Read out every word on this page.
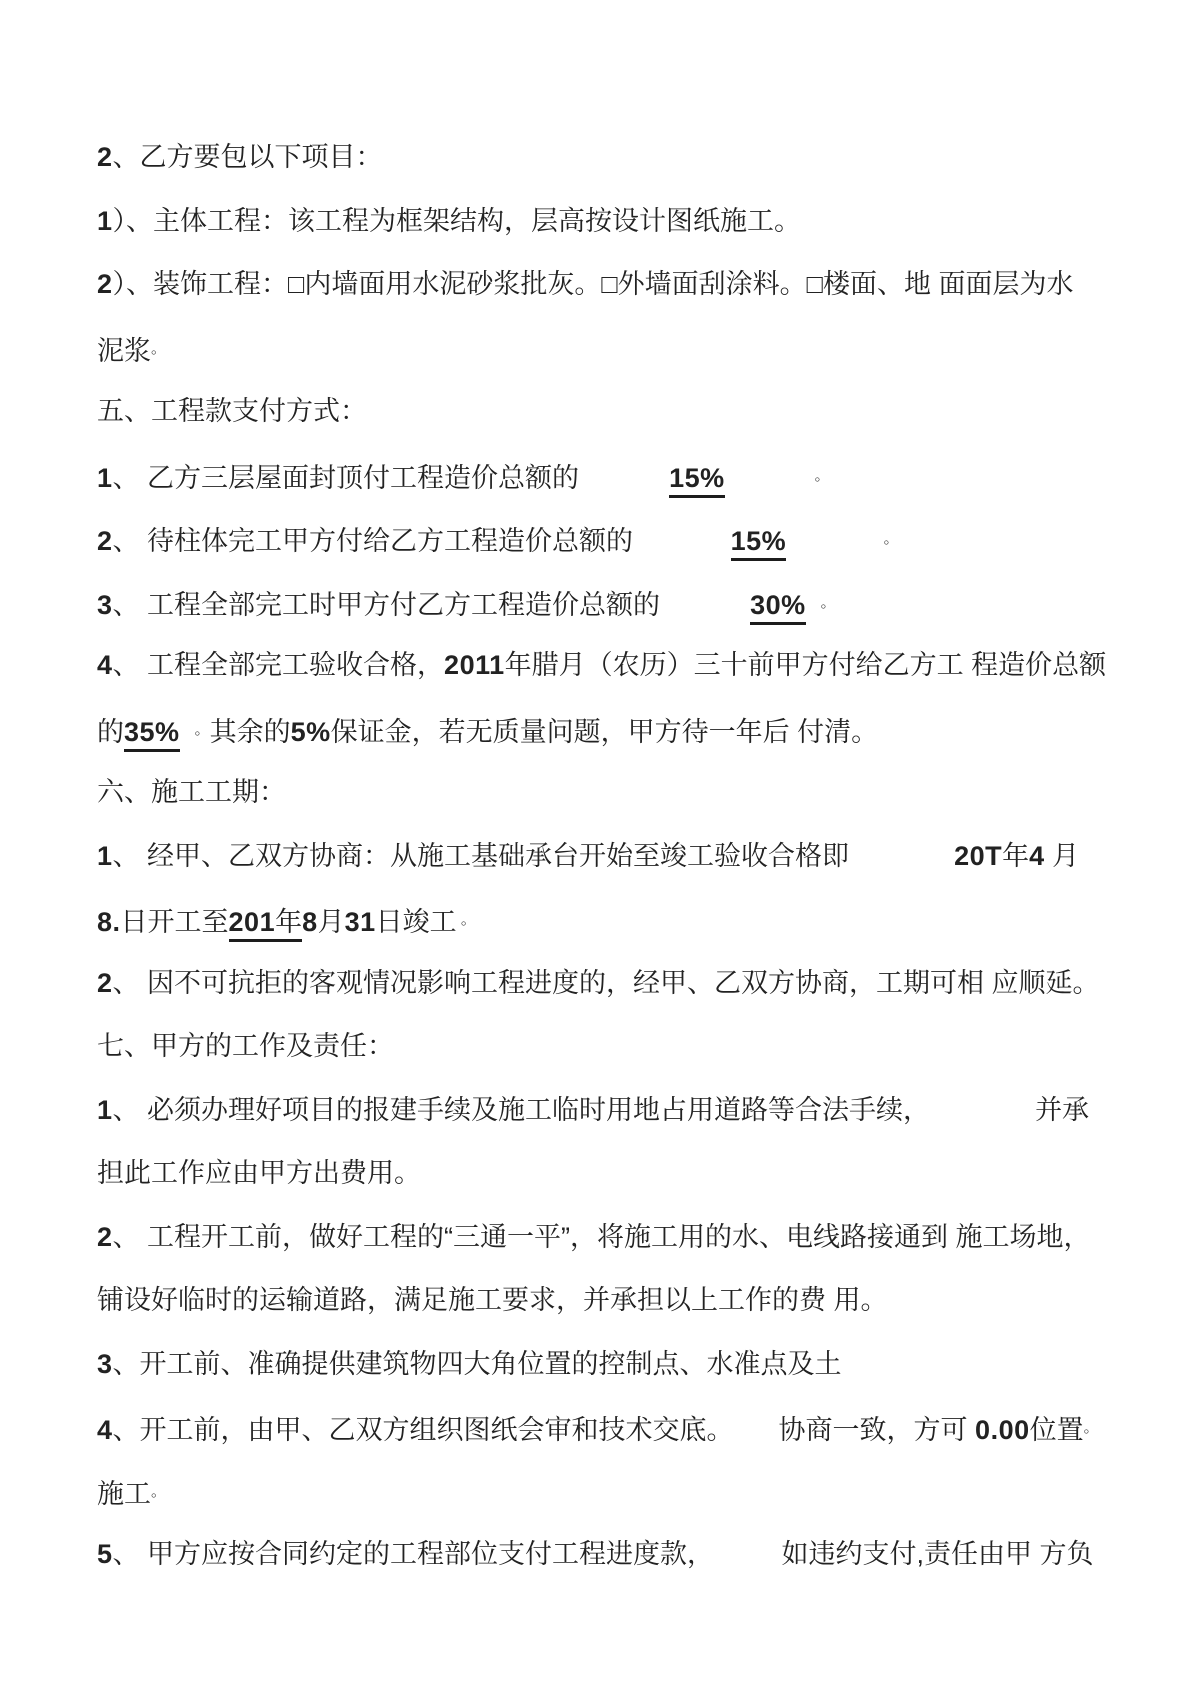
2、乙方要包以下项目：
1）、主体工程：该工程为框架结构，层高按设计图纸施工。
2）、装饰工程：□内墙面用水泥砂浆批灰。□外墙面刮涂料。□楼面、地 面面层为水
泥浆。
五、工程款支付方式：
1、 乙方三层屋面封顶付工程造价总额的            15%	。
2、 待柱体完工甲方付给乙方工程造价总额的             15%	。
3、 工程全部完工时甲方付乙方工程造价总额的            30% 。
4、 工程全部完工验收合格，2011年腊月（农历）三十前甲方付给乙方工 程造价总额
的35% 。其余的5%保证金，若无质量问题，甲方待一年后 付清。
六、施工工期：
1、 经甲、乙双方协商：从施工基础承台开始至竣工验收合格即              20T年4 月
8.日开工至201年8月31日竣工 。
2、 因不可抗拒的客观情况影响工程进度的，经甲、乙双方协商，工期可相 应顺延。
七、甲方的工作及责任：
1、 必须办理好项目的报建手续及施工临时用地占用道路等合法手续，              并承
担此工作应由甲方出费用。
2、 工程开工前，做好工程的“三通一平”，将施工用的水、电线路接通到 施工场地，
铺设好临时的运输道路，满足施工要求，并承担以上工作的费 用。
3、开工前、准确提供建筑物四大角位置的控制点、水准点及土
4、开工前，由甲、乙双方组织图纸会审和技术交底。      协商一致，方可 0.00位置。
施工。
5、 甲方应按合同约定的工程部位支付工程进度款，         如违约支付,责任由甲 方负
